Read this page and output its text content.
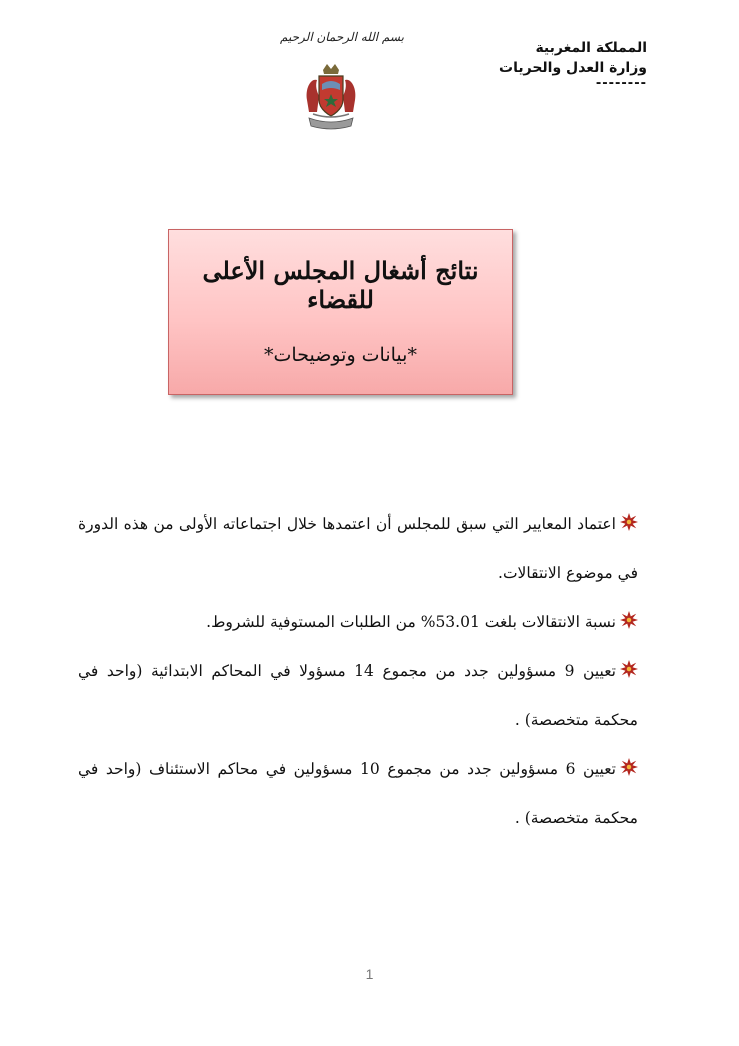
المملكة المغربية
وزارة العدل والحريات
--------
بسم الله الرحمان الرحيم
نتائج أشغال المجلس الأعلى للقضاء
*بيانات وتوضيحات*

اعتماد المعايير التي سبق للمجلس أن اعتمدها خلال اجتماعاته الأولى من هذه الدورة في موضوع الانتقالات.

نسبة الانتقالات بلغت 53.01% من الطلبات المستوفية للشروط.

تعيين 9 مسؤولين جدد من مجموع 14 مسؤولا في المحاكم الابتدائية (واحد في محكمة متخصصة) .

تعيين 6 مسؤولين جدد من مجموع 10 مسؤولين في محاكم الاستئناف (واحد في محكمة متخصصة) .

1
